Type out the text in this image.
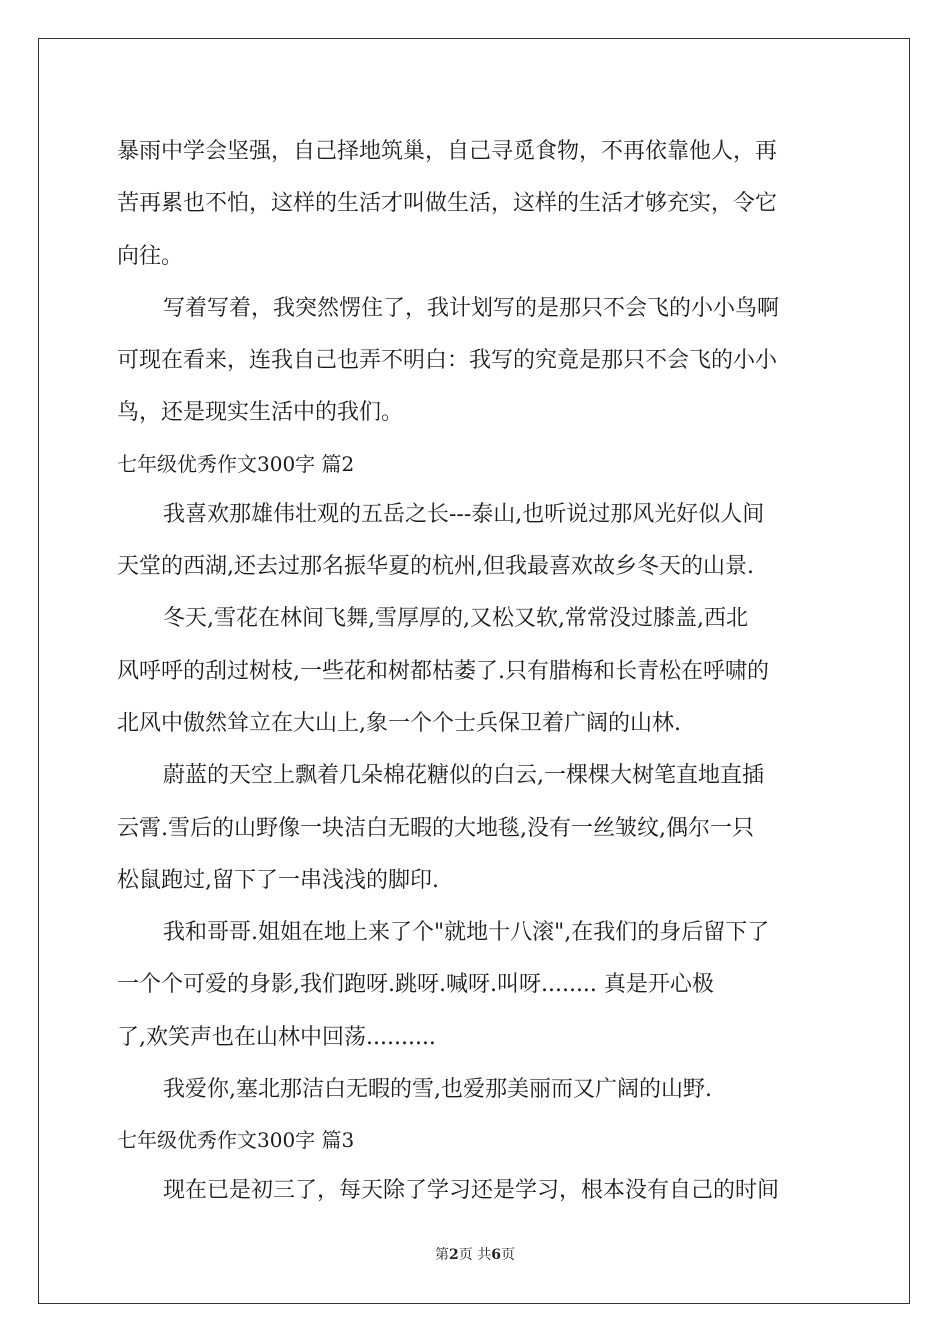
暴雨中学会坚强，自己择地筑巢，自己寻觅食物，不再依靠他人，再
苦再累也不怕，这样的生活才叫做生活，这样的生活才够充实，令它
向往。
写着写着，我突然愣住了，我计划写的是那只不会飞的小小鸟啊
可现在看来，连我自己也弄不明白：我写的究竟是那只不会飞的小小
鸟，还是现实生活中的我们。
七年级优秀作文300字 篇2
我喜欢那雄伟壮观的五岳之长---泰山,也听说过那风光好似人间
天堂的西湖,还去过那名振华夏的杭州,但我最喜欢故乡冬天的山景.
冬天,雪花在林间飞舞,雪厚厚的,又松又软,常常没过膝盖,西北
风呼呼的刮过树枝,一些花和树都枯萎了.只有腊梅和长青松在呼啸的
北风中傲然耸立在大山上,象一个个士兵保卫着广阔的山林.
蔚蓝的天空上飘着几朵棉花糖似的白云,一棵棵大树笔直地直插
云霄.雪后的山野像一块洁白无暇的大地毯,没有一丝皱纹,偶尔一只
松鼠跑过,留下了一串浅浅的脚印.
我和哥哥.姐姐在地上来了个"就地十八滚",在我们的身后留下了
一个个可爱的身影,我们跑呀.跳呀.喊呀.叫呀........ 真是开心极
了,欢笑声也在山林中回荡..........
我爱你,塞北那洁白无暇的雪,也爱那美丽而又广阔的山野.
七年级优秀作文300字 篇3
现在已是初三了，每天除了学习还是学习，根本没有自己的时间
第2页 共6页
